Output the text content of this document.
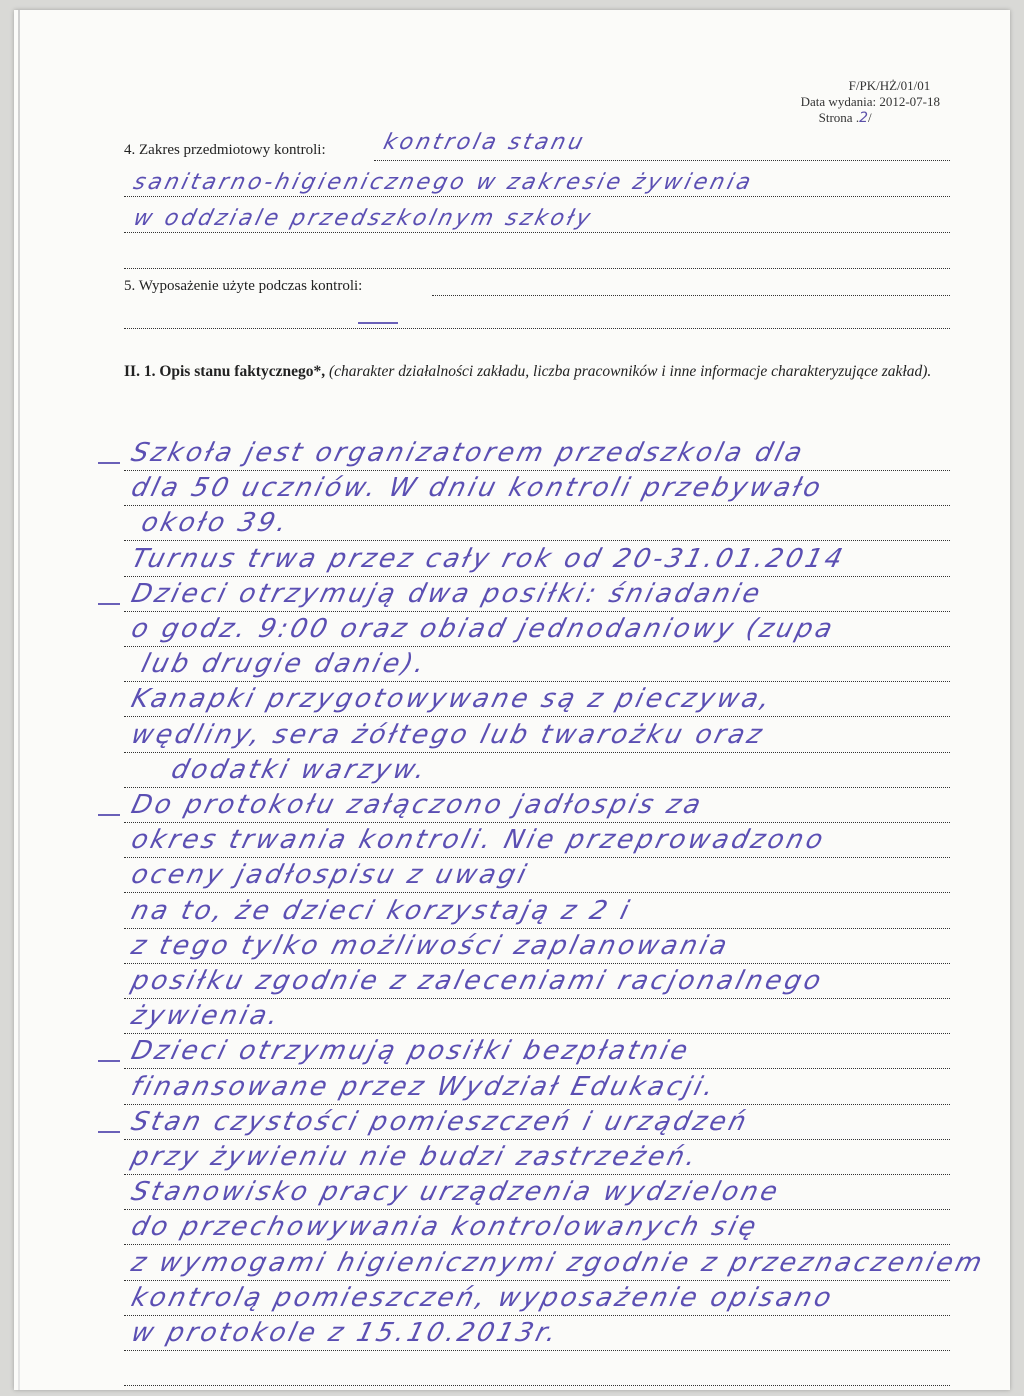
F/PK/HŻ/01/01
Data wydania: 2012-07-18
Strona .2/
4. Zakres przedmiotowy kontroli:	kontrola stanu
sanitarno-higienicznego w zakresie żywienia
w oddziale przedszkolnym szkoły
5. Wyposażenie użyte podczas kontroli:
II. 1. Opis stanu faktycznego*, (charakter działalności zakładu, liczba pracowników i inne informacje charakteryzujące zakład).
Szkoła jest organizatorem przedszkola dla
dla 50 uczniów. W dniu kontroli przebywało
około 39.
Turnus trwa przez cały rok od 20-31.01.2014
Dzieci otrzymują dwa posiłki: śniadanie
o godz. 9:00 oraz obiad jednodaniowy (zupa
lub drugie danie).
Kanapki przygotowywane są z pieczywa,
wędliny, sera żółtego lub twarożku oraz
dodatki warzyw.
Do protokołu załączono jadłospis za
okres trwania kontroli. Nie przeprowadzono
oceny jadłospisu z uwagi
na to, że dzieci korzystają z 2 i
z tego tylko możliwości zaplanowania
posiłku zgodnie z zaleceniami racjonalnego
żywienia.
Dzieci otrzymują posiłki bezpłatnie
finansowane przez Wydział Edukacji.
Stan czystości pomieszczeń i urządzeń
przy żywieniu nie budzi zastrzeżeń.
Stanowisko pracy urządzenia wydzielone
do przechowywania kontrolowanych się
z wymogami higienicznymi zgodnie z przeznaczeniem
kontrolą pomieszczeń, wyposażenie opisano
w protokole z 15.10.2013r.
